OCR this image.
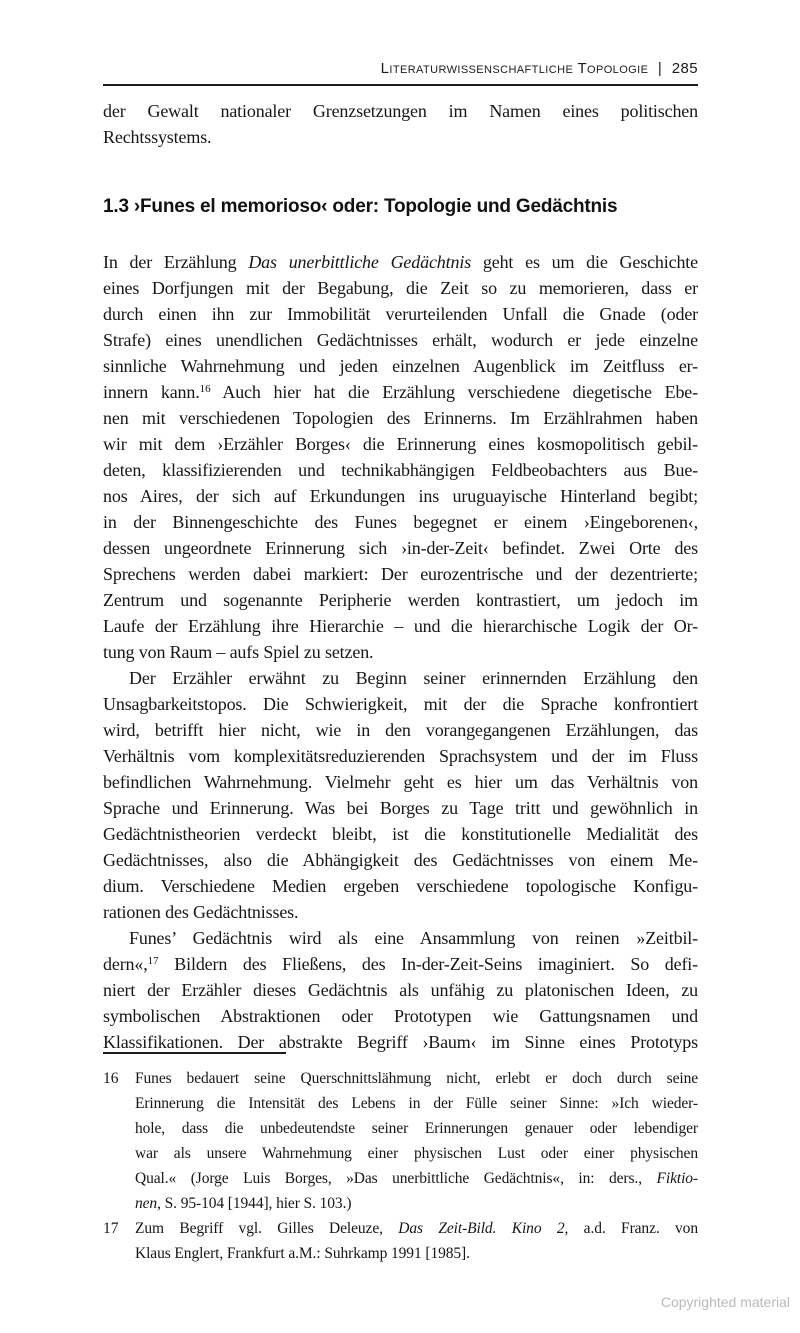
Literaturwissenschaftliche Topologie | 285
der Gewalt nationaler Grenzsetzungen im Namen eines politischen
Rechtssystems.
1.3 ›Funes el memorioso‹ oder: Topologie und Gedächtnis
In der Erzählung Das unerbittliche Gedächtnis geht es um die Geschichte
eines Dorfjungen mit der Begabung, die Zeit so zu memorieren, dass er
durch einen ihn zur Immobilität verurteilenden Unfall die Gnade (oder
Strafe) eines unendlichen Gedächtnisses erhält, wodurch er jede einzelne
sinnliche Wahrnehmung und jeden einzelnen Augenblick im Zeitfluss er-
innern kann.$^{16}$ Auch hier hat die Erzählung verschiedene diegetische Ebe-
nen mit verschiedenen Topologien des Erinnerns. Im Erzählrahmen haben
wir mit dem ›Erzähler Borges‹ die Erinnerung eines kosmopolitisch gebil-
deten, klassifizierenden und technikabhängigen Feldbeobachters aus Bue-
nos Aires, der sich auf Erkundungen ins uruguayische Hinterland begibt;
in der Binnengeschichte des Funes begegnet er einem ›Eingeborenen‹,
dessen ungeordnete Erinnerung sich ›in-der-Zeit‹ befindet. Zwei Orte des
Sprechens werden dabei markiert: Der eurozentrische und der dezentrierte;
Zentrum und sogenannte Peripherie werden kontrastiert, um jedoch im
Laufe der Erzählung ihre Hierarchie – und die hierarchische Logik der Or-
tung von Raum – aufs Spiel zu setzen.
Der Erzähler erwähnt zu Beginn seiner erinnernden Erzählung den
Unsagbarkeitstopos. Die Schwierigkeit, mit der die Sprache konfrontiert
wird, betrifft hier nicht, wie in den vorangegangenen Erzählungen, das
Verhältnis vom komplexitätsreduzierenden Sprachsystem und der im Fluss
befindlichen Wahrnehmung. Vielmehr geht es hier um das Verhältnis von
Sprache und Erinnerung. Was bei Borges zu Tage tritt und gewöhnlich in
Gedächtnistheorien verdeckt bleibt, ist die konstitutionelle Medialität des
Gedächtnisses, also die Abhängigkeit des Gedächtnisses von einem Me-
dium. Verschiedene Medien ergeben verschiedene topologische Konfigu-
rationen des Gedächtnisses.
Funes’ Gedächtnis wird als eine Ansammlung von reinen »Zeitbil-
dern«,$^{17}$ Bildern des Fließens, des In-der-Zeit-Seins imaginiert. So defi-
niert der Erzähler dieses Gedächtnis als unfähig zu platonischen Ideen, zu
symbolischen Abstraktionen oder Prototypen wie Gattungsnamen und
Klassifikationen. Der abstrakte Begriff ›Baum‹ im Sinne eines Prototyps
16 Funes bedauert seine Querschnittslähmung nicht, erlebt er doch durch seine
Erinnerung die Intensität des Lebens in der Fülle seiner Sinne: »Ich wieder-
hole, dass die unbedeutendste seiner Erinnerungen genauer oder lebendiger
war als unsere Wahrnehmung einer physischen Lust oder einer physischen
Qual.« (Jorge Luis Borges, »Das unerbittliche Gedächtnis«, in: ders., Fiktio-
nen, S. 95-104 [1944], hier S. 103.)
17 Zum Begriff vgl. Gilles Deleuze, Das Zeit-Bild. Kino 2, a.d. Franz. von
Klaus Englert, Frankfurt a.M.: Suhrkamp 1991 [1985].
Copyrighted material
